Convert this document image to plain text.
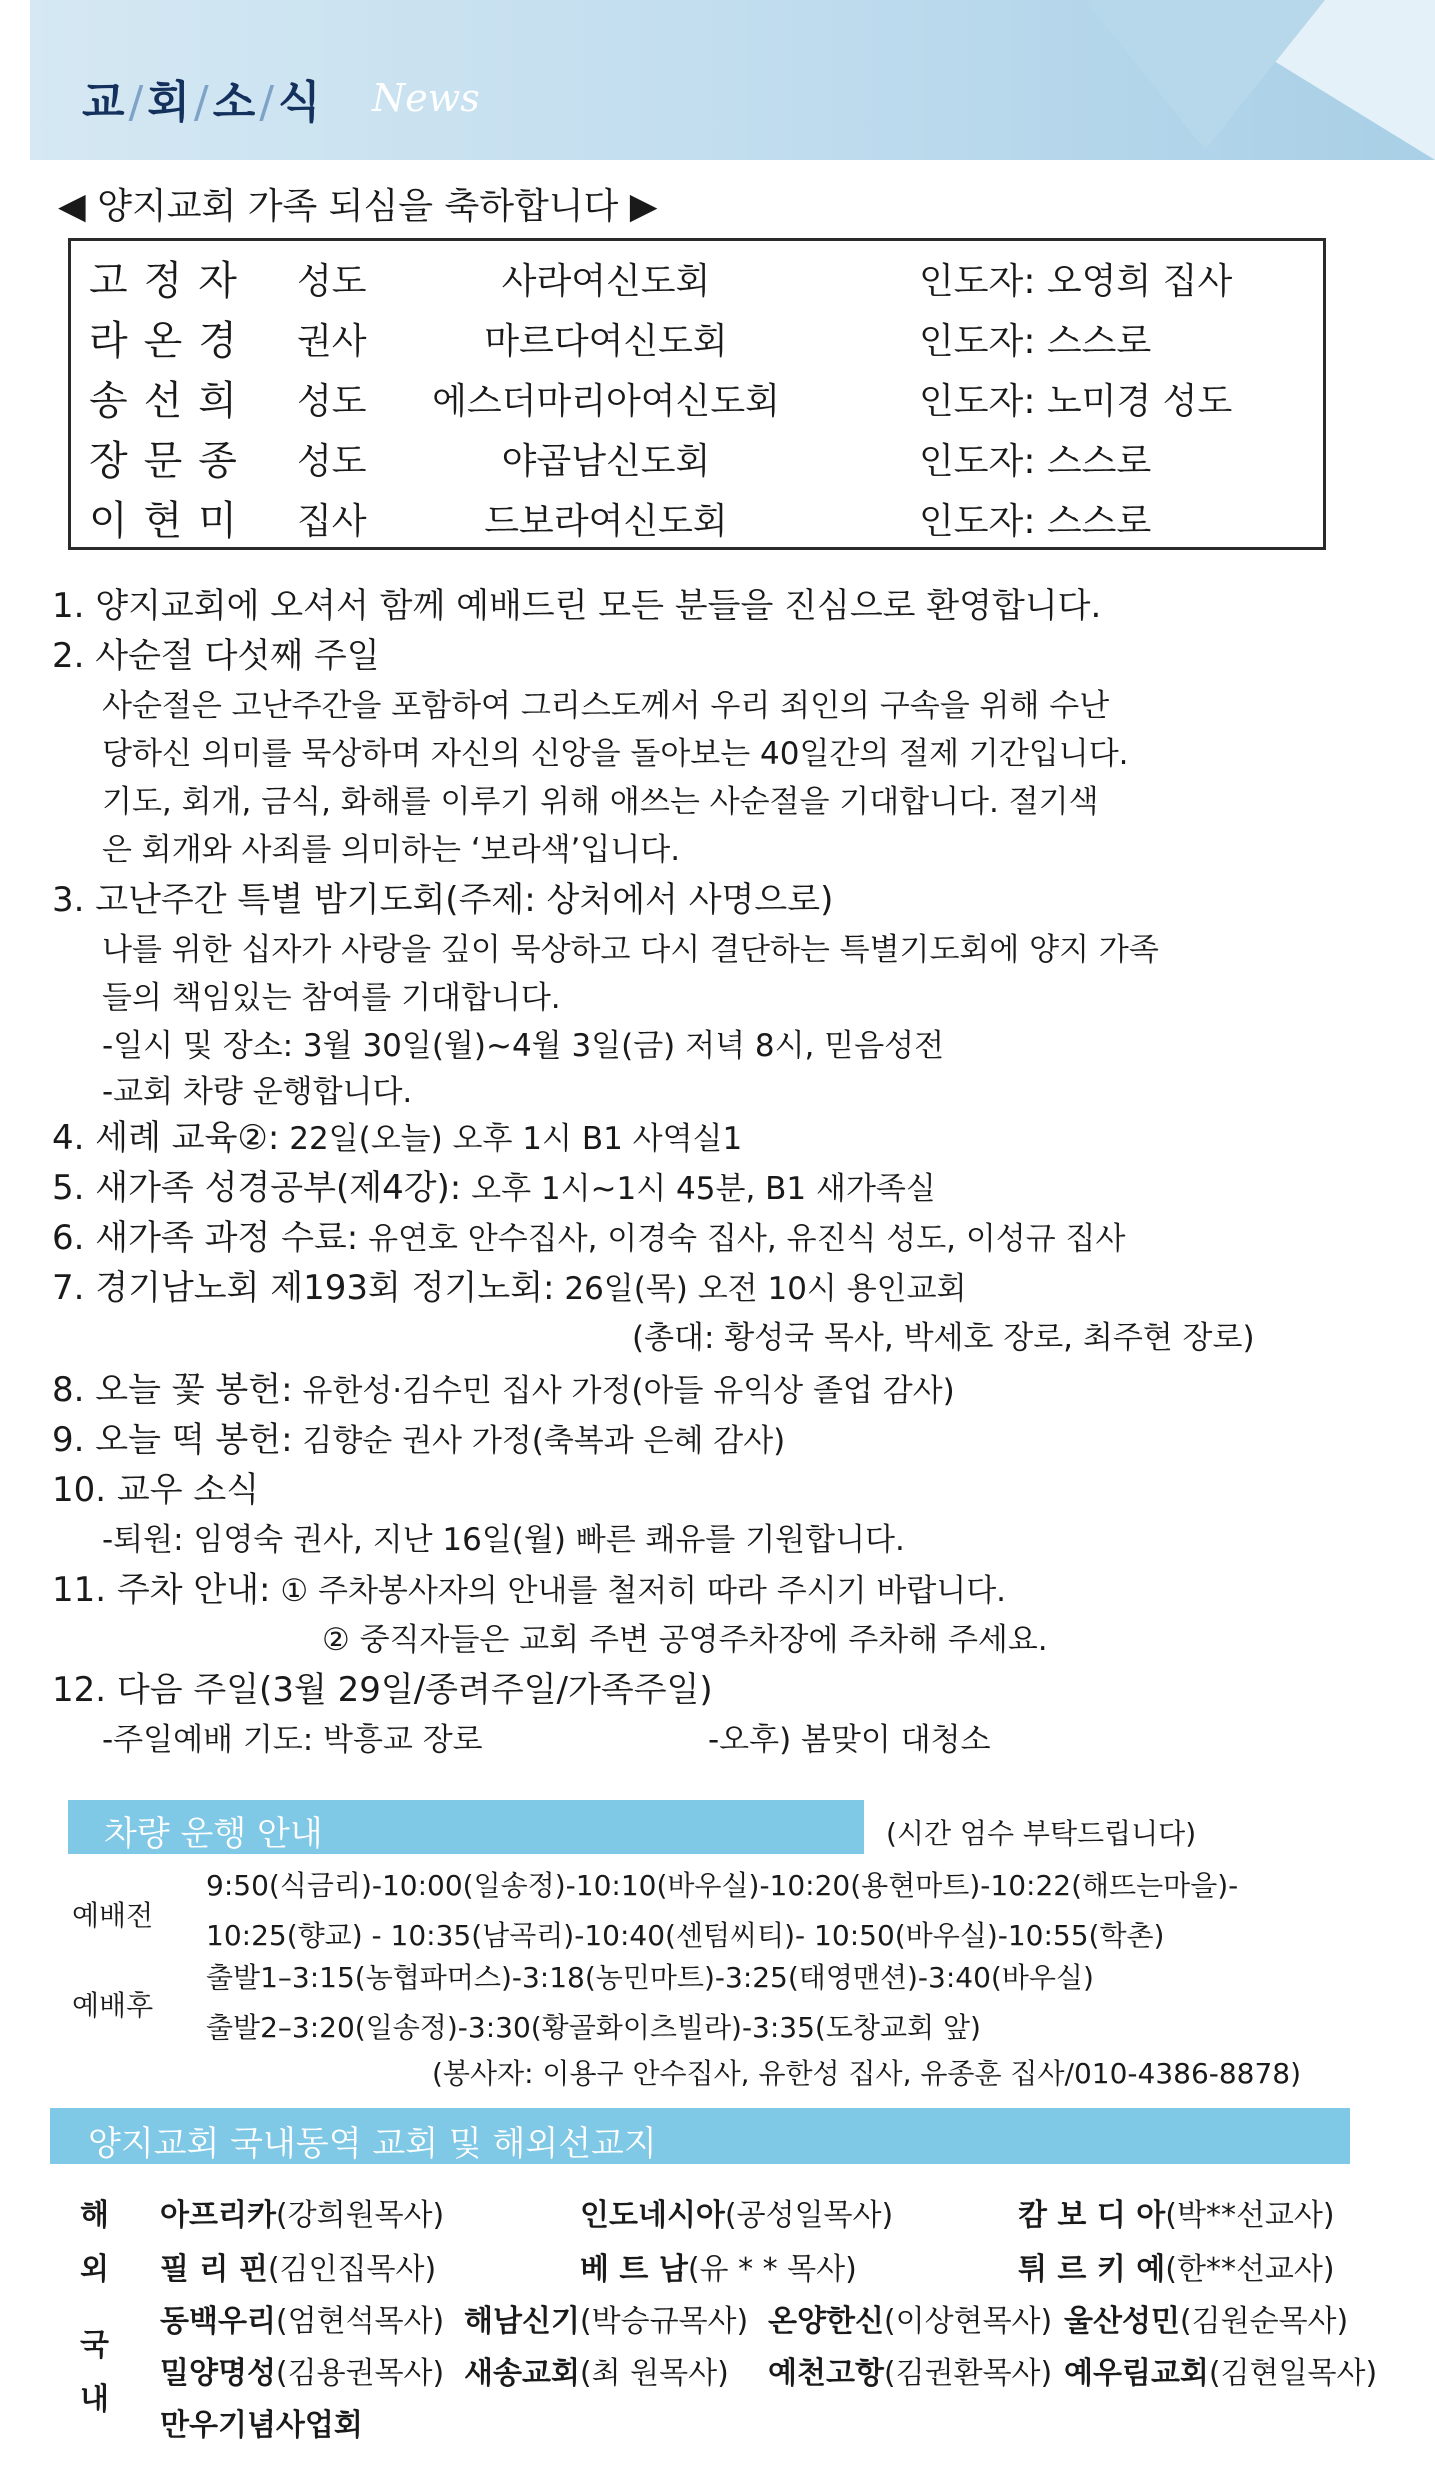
교/회/소/식 News
◀ 양지교회 가족 되심을 축하합니다 ▶
고정자 성도	사라여신도회	인도자: 오영희 집사
라온경 권사	마르다여신도회	인도자: 스스로
송선희 성도	에스더마리아여신도회	인도자: 노미경 성도
장문종 성도	야곱남신도회	인도자: 스스로
이현미 집사	드보라여신도회	인도자: 스스로
1. 양지교회에 오셔서 함께 예배드린 모든 분들을 진심으로 환영합니다.
2. 사순절 다섯째 주일
사순절은 고난주간을 포함하여 그리스도께서 우리 죄인의 구속을 위해 수난
당하신 의미를 묵상하며 자신의 신앙을 돌아보는 40일간의 절제 기간입니다.
기도, 회개, 금식, 화해를 이루기 위해 애쓰는 사순절을 기대합니다. 절기색
은 회개와 사죄를 의미하는 ‘보라색’입니다.
3. 고난주간 특별 밤기도회(주제: 상처에서 사명으로)
나를 위한 십자가 사랑을 깊이 묵상하고 다시 결단하는 특별기도회에 양지 가족
들의 책임있는 참여를 기대합니다.
-일시 및 장소: 3월 30일(월)~4월 3일(금) 저녁 8시, 믿음성전
-교회 차량 운행합니다.
4. 세례 교육②: 22일(오늘) 오후 1시 B1 사역실1
5. 새가족 성경공부(제4강): 오후 1시~1시 45분, B1 새가족실
6. 새가족 과정 수료: 유연호 안수집사, 이경숙 집사, 유진식 성도, 이성규 집사
7. 경기남노회 제193회 정기노회: 26일(목) 오전 10시 용인교회
(총대: 황성국 목사, 박세호 장로, 최주현 장로)
8. 오늘 꽃 봉헌: 유한성·김수민 집사 가정(아들 유익상 졸업 감사)
9. 오늘 떡 봉헌: 김향순 권사 가정(축복과 은혜 감사)
10. 교우 소식
-퇴원: 임영숙 권사, 지난 16일(월) 빠른 쾌유를 기원합니다.
11. 주차 안내: ① 주차봉사자의 안내를 철저히 따라 주시기 바랍니다.
② 중직자들은 교회 주변 공영주차장에 주차해 주세요.
12. 다음 주일(3월 29일/종려주일/가족주일)
-주일예배 기도: 박흥교 장로	-오후) 봄맞이 대청소
차량 운행 안내	(시간 엄수 부탁드립니다)
예배전
9:50(식금리)-10:00(일송정)-10:10(바우실)-10:20(용현마트)-10:22(해뜨는마을)-
10:25(향교) - 10:35(남곡리)-10:40(센텀씨티)- 10:50(바우실)-10:55(학촌)
예배후
출발1–3:15(농협파머스)-3:18(농민마트)-3:25(태영맨션)-3:40(바우실)
출발2–3:20(일송정)-3:30(황골화이츠빌라)-3:35(도창교회 앞)
(봉사자: 이용구 안수집사, 유한성 집사, 유종훈 집사/010-4386-8878)
양지교회 국내동역 교회 및 해외선교지
해
외
국
내
아프리카(강희원목사)	인도네시아(공성일목사)	캄 보 디 아(박**선교사)
필 리 핀(김인집목사)	베 트 남(유 * * 목사)	튀 르 키 예(한**선교사)
동백우리(엄현석목사) 해남신기(박승규목사) 온양한신(이상현목사) 울산성민(김원순목사)
밀양명성(김용권목사) 새송교회(최 원목사) 예천고항(김권환목사) 예우림교회(김현일목사)
만우기념사업회
